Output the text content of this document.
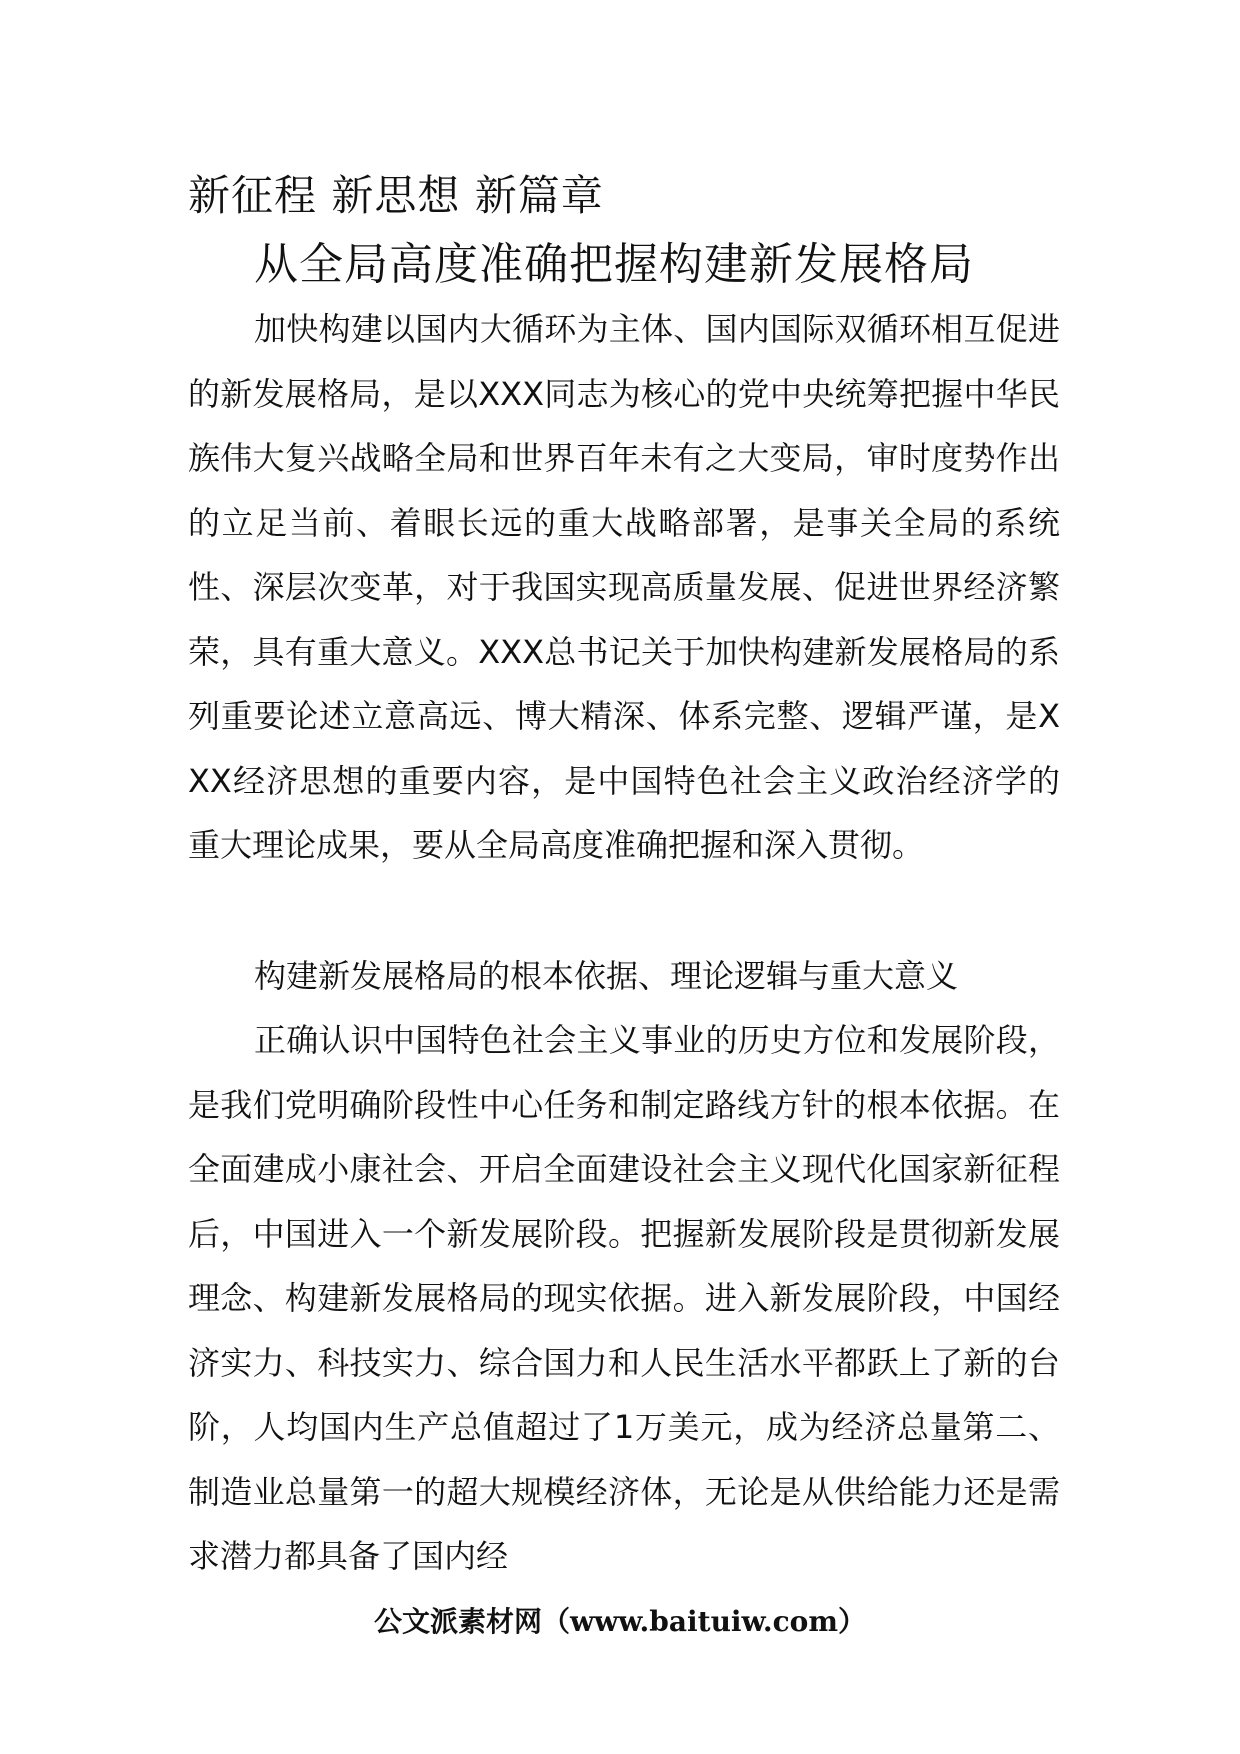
新征程 新思想 新篇章
从全局高度准确把握构建新发展格局
加快构建以国内大循环为主体、国内国际双循环相互促进的新发展格局，是以XXX同志为核心的党中央统筹把握中华民族伟大复兴战略全局和世界百年未有之大变局，审时度势作出的立足当前、着眼长远的重大战略部署，是事关全局的系统性、深层次变革，对于我国实现高质量发展、促进世界经济繁荣，具有重大意义。XXX总书记关于加快构建新发展格局的系列重要论述立意高远、博大精深、体系完整、逻辑严谨，是XXX经济思想的重要内容，是中国特色社会主义政治经济学的重大理论成果，要从全局高度准确把握和深入贯彻。
构建新发展格局的根本依据、理论逻辑与重大意义
正确认识中国特色社会主义事业的历史方位和发展阶段，是我们党明确阶段性中心任务和制定路线方针的根本依据。在全面建成小康社会、开启全面建设社会主义现代化国家新征程后，中国进入一个新发展阶段。把握新发展阶段是贯彻新发展理念、构建新发展格局的现实依据。进入新发展阶段，中国经济实力、科技实力、综合国力和人民生活水平都跃上了新的台阶，人均国内生产总值超过了1万美元，成为经济总量第二、制造业总量第一的超大规模经济体，无论是从供给能力还是需求潜力都具备了国内经
公文派素材网（www.baituiw.com）
